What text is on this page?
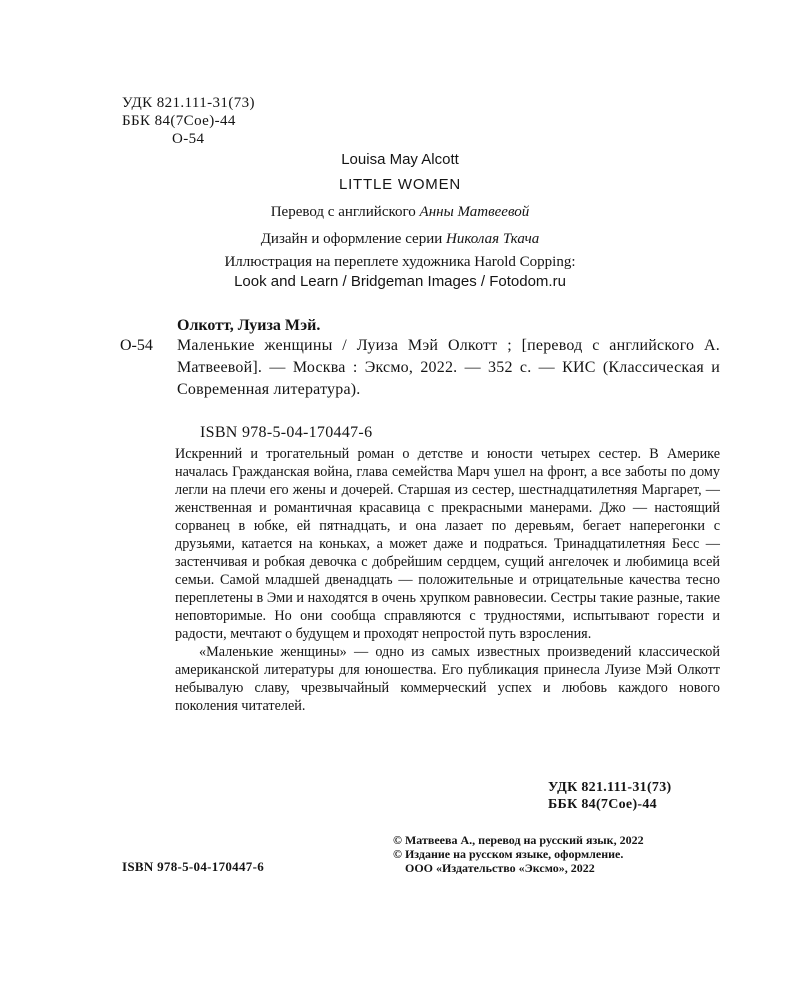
УДК 821.111-31(73)
ББК 84(7Сое)-44
О-54
Louisa May Alcott
LITTLE WOMEN
Перевод с английского Анны Матвеевой
Дизайн и оформление серии Николая Ткача
Иллюстрация на переплете художника Harold Copping:
Look and Learn / Bridgeman Images / Fotodom.ru
Олкотт, Луиза Мэй.
О-54 Маленькие женщины / Луиза Мэй Олкотт ; [перевод с английского А. Матвеевой]. — Москва : Эксмо, 2022. — 352 с. — КИС (Классическая и Современная литература).
ISBN 978-5-04-170447-6

Искренний и трогательный роман о детстве и юности четырех сестер. В Америке началась Гражданская война, глава семейства Марч ушел на фронт, а все заботы по дому легли на плечи его жены и дочерей. Старшая из сестер, шестнадцатилетняя Маргарет, — женственная и романтичная красавица с прекрасными манерами. Джо — настоящий сорванец в юбке, ей пятнадцать, и она лазает по деревьям, бегает наперегонки с друзьями, катается на коньках, а может даже и подраться. Тринадцатилетняя Бесс — застенчивая и робкая девочка с добрейшим сердцем, сущий ангелочек и любимица всей семьи. Самой младшей двенадцать — положительные и отрицательные качества тесно переплетены в Эми и находятся в очень хрупком равновесии. Сестры такие разные, такие неповторимые. Но они сообща справляются с трудностями, испытывают горести и радости, мечтают о будущем и проходят непростой путь взросления.

«Маленькие женщины» — одно из самых известных произведений классической американской литературы для юношества. Его публикация принесла Луизе Мэй Олкотт небывалую славу, чрезвычайный коммерческий успех и любовь каждого нового поколения читателей.

УДК 821.111-31(73)
ББК 84(7Сое)-44
ISBN 978-5-04-170447-6
© Матвеева А., перевод на русский язык, 2022
© Издание на русском языке, оформление.
ООО «Издательство «Эксмо», 2022
